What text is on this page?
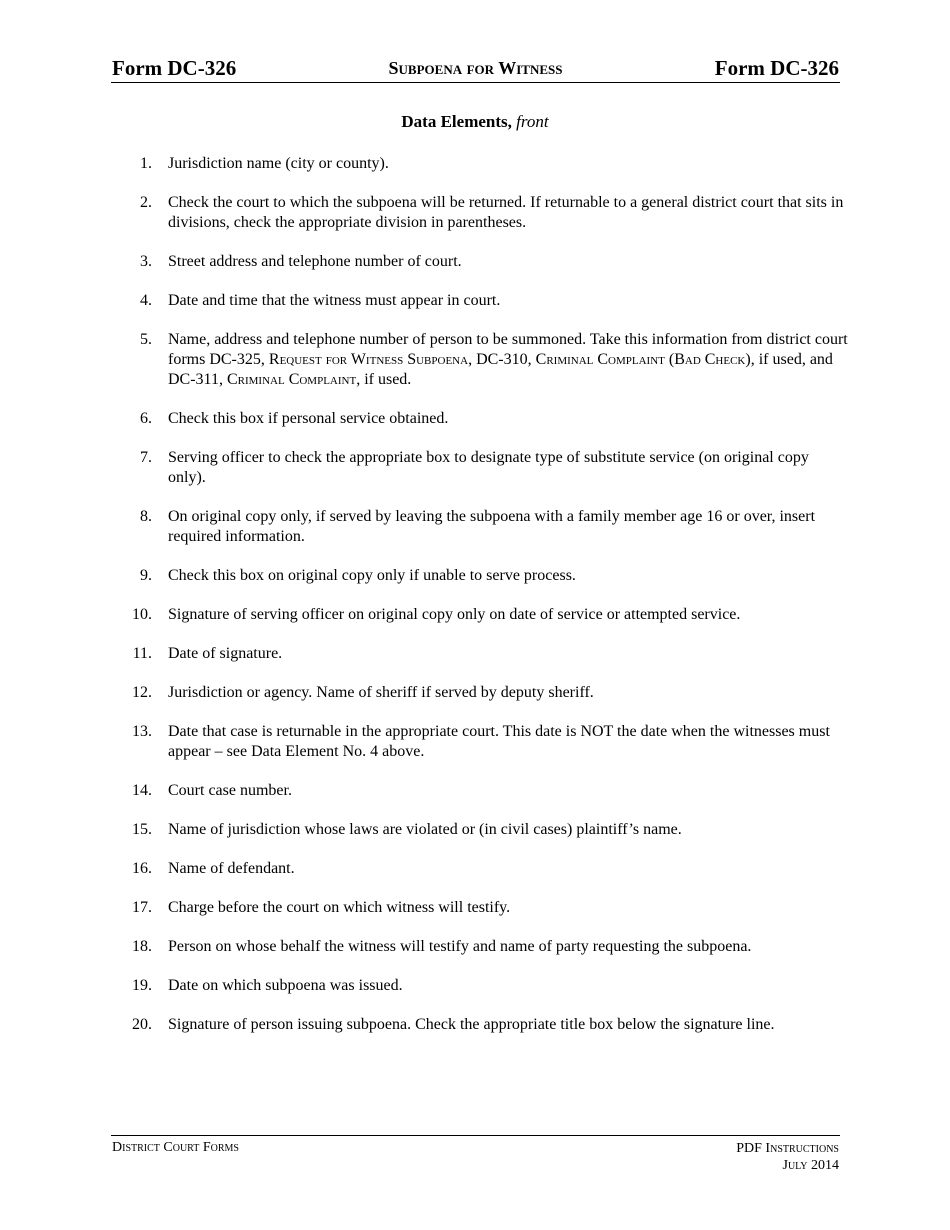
Form DC-326	Subpoena for Witness	Form DC-326
Data Elements, front
1. Jurisdiction name (city or county).
2. Check the court to which the subpoena will be returned. If returnable to a general district court that sits in divisions, check the appropriate division in parentheses.
3. Street address and telephone number of court.
4. Date and time that the witness must appear in court.
5. Name, address and telephone number of person to be summoned. Take this information from district court forms DC-325, Request for Witness Subpoena, DC-310, Criminal Complaint (Bad Check), if used, and DC-311, Criminal Complaint, if used.
6. Check this box if personal service obtained.
7. Serving officer to check the appropriate box to designate type of substitute service (on original copy only).
8. On original copy only, if served by leaving the subpoena with a family member age 16 or over, insert required information.
9. Check this box on original copy only if unable to serve process.
10. Signature of serving officer on original copy only on date of service or attempted service.
11. Date of signature.
12. Jurisdiction or agency. Name of sheriff if served by deputy sheriff.
13. Date that case is returnable in the appropriate court. This date is NOT the date when the witnesses must appear – see Data Element No. 4 above.
14. Court case number.
15. Name of jurisdiction whose laws are violated or (in civil cases) plaintiff’s name.
16. Name of defendant.
17. Charge before the court on which witness will testify.
18. Person on whose behalf the witness will testify and name of party requesting the subpoena.
19. Date on which subpoena was issued.
20. Signature of person issuing subpoena. Check the appropriate title box below the signature line.
District Court Forms	PDF Instructions
July 2014
